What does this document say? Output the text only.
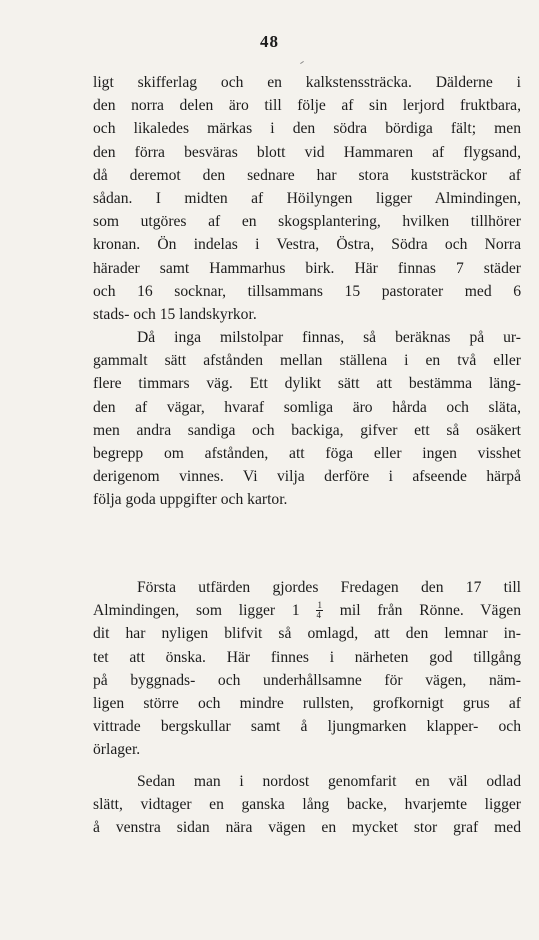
48
ligt skifferlag och en kalkstenssträcka. Dälderne i
den norra delen äro till följe af sin lerjord fruktbara,
och likaledes märkas i den södra bördiga fält; men
den förra besväras blott vid Hammaren af flygsand,
då deremot den sednare har stora kuststräckor af
sådan. I midten af Höilyngen ligger Almindingen,
som utgöres af en skogsplantering, hvilken tillhörer
kronan. Ön indelas i Vestra, Östra, Södra och Norra
härader samt Hammarhus birk. Här finnas 7 städer
och 16 socknar, tillsammans 15 pastorater med 6
stads- och 15 landskyrkor.
Då inga milstolpar finnas, så beräknas på ur-
gammalt sätt afstånden mellan ställena i en två eller
flere timmars väg. Ett dylikt sätt att bestämma läng-
den af vägar, hvaraf somliga äro hårda och släta,
men andra sandiga och backiga, gifver ett så osäkert
begrepp om afstånden, att föga eller ingen visshet
derigenom vinnes. Vi vilja derföre i afseende härpå
följa goda uppgifter och kartor.
Första utfärden gjordes Fredagen den 17 till
Almindingen, som ligger $1 \frac{1}{4}$ mil från Rönne. Vägen
dit har nyligen blifvit så omlagd, att den lemnar in-
tet att önska. Här finnes i närheten god tillgång
på byggnads- och underhållsamne för vägen, näm-
ligen större och mindre rullsten, grofkornigt grus af
vittrade bergskullar samt å ljungmarken klapper- och
örlager.
Sedan man i nordost genomfarit en väl odlad
slätt, vidtager en ganska lång backe, hvarjemte ligger
å venstra sidan nära vägen en mycket stor graf med
